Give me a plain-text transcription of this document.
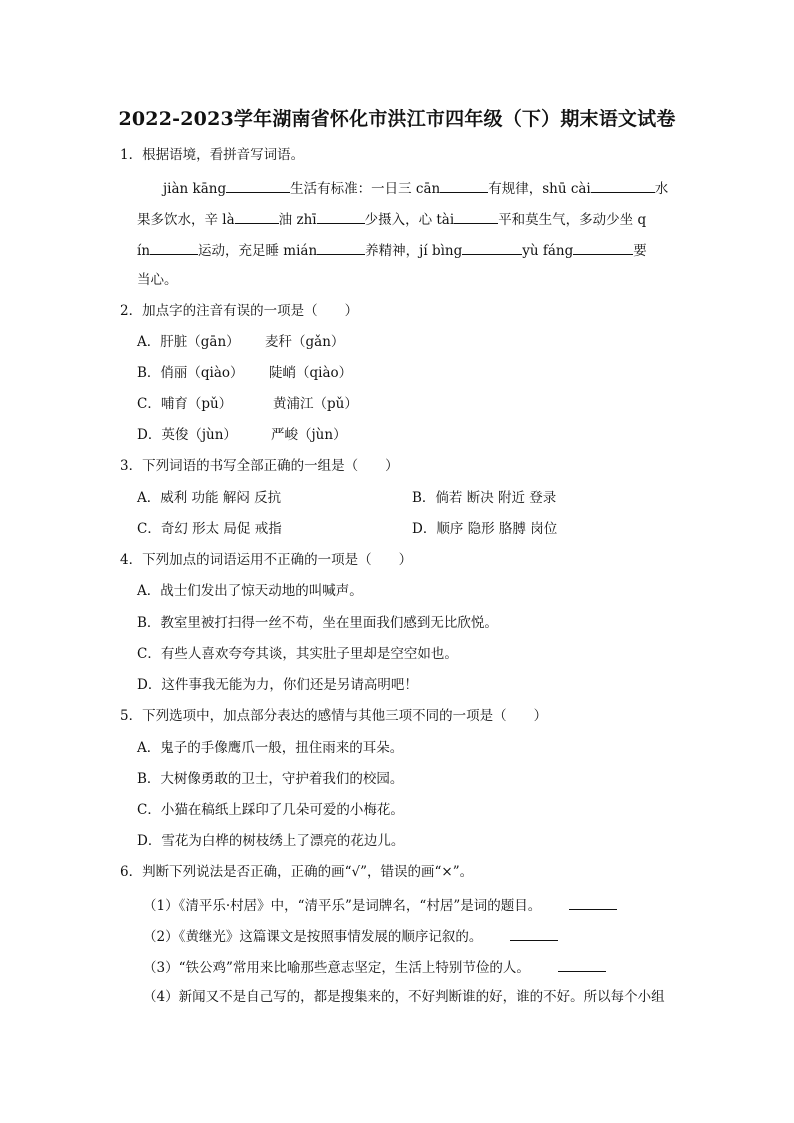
2022-2023学年湖南省怀化市洪江市四年级（下）期末语文试卷
1．根据语境，看拼音写词语。
jiàn kāng	生活有标准：一日三 cān	有规律，shū cài	水
果多饮水，辛 là	油 zhī	少摄入，心 tài	平和莫生气，多动少坐 q
ín	运动，充足睡 mián	养精神，jí bìng	yù fáng	要
当心。
2．加点字的注音有误的一项是（　　）
A．肝脏（gān） 麦秆（gǎn）
B．俏丽（qiào） 陡峭（qiào）
C．哺育（pǔ）	黄浦江（pǔ）
D．英俊（jùn）	严峻（jùn）
3．下列词语的书写全部正确的一组是（　　）
A．威利 功能 解闷 反抗	B．倘若 断决 附近 登录
C．奇幻 形太 局促 戒指	D．顺序 隐形 胳膊 岗位
4．下列加点的词语运用不正确的一项是（　　）
A．战士们发出了惊天动地的叫喊声。
B．教室里被打扫得一丝不苟，坐在里面我们感到无比欣悦。
C．有些人喜欢夸夸其谈，其实肚子里却是空空如也。
D．这件事我无能为力，你们还是另请高明吧！
5．下列选项中，加点部分表达的感情与其他三项不同的一项是（　　）
A．鬼子的手像鹰爪一般，扭住雨来的耳朵。
B．大树像勇敢的卫士，守护着我们的校园。
C．小猫在稿纸上踩印了几朵可爱的小梅花。
D．雪花为白桦的树枝绣上了漂亮的花边儿。
6．判断下列说法是否正确，正确的画“√”，错误的画“×”。
（1）《清平乐·村居》中，“清平乐”是词牌名，“村居”是词的题目。
（2）《黄继光》这篇课文是按照事情发展的顺序记叙的。
（3）“铁公鸡”常用来比喻那些意志坚定，生活上特别节俭的人。
（4）新闻又不是自己写的，都是搜集来的，不好判断谁的好，谁的不好。所以每个小组
